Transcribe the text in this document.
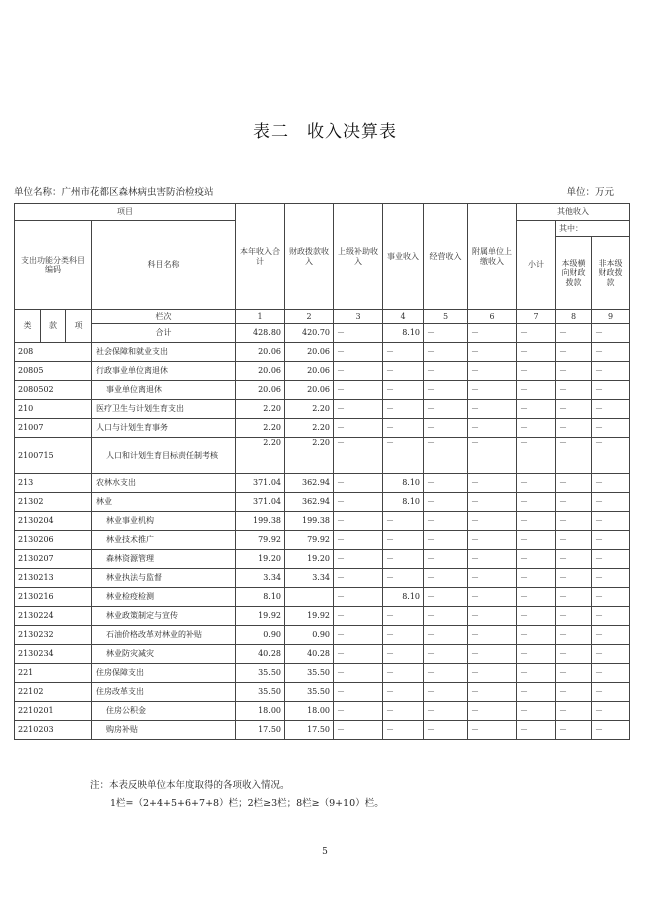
表二　收入决算表
单位名称：广州市花都区森林病虫害防治检疫站	单位：万元
项目				本年收入合计	财政拨款收入	上级补助收入	事业收入	经营收入	附属单位上缴收入	其他收入		
支出功能分类科目编码			科目名称							小计	其中：	
											本级横向财政拨款	非本级财政拨款
类	款	项	栏次	1	2	3	4	5	6	7	8	9
			合计	428.80	420.70	－	8.10	－	－	－	－	－
208			社会保障和就业支出	20.06	20.06	－	－	－	－	－	－	－
20805			行政事业单位离退休	20.06	20.06	－	－	－	－	－	－	－
2080502			事业单位离退休	20.06	20.06	－	－	－	－	－	－	－
210			医疗卫生与计划生育支出	2.20	2.20	－	－	－	－	－	－	－
21007			人口与计划生育事务	2.20	2.20	－	－	－	－	－	－	－
2100715			人口和计划生育目标责任制考核	2.20	2.20	－	－	－	－	－	－	－
213			农林水支出	371.04	362.94	－	8.10	－	－	－	－	－
21302			林业	371.04	362.94	－	8.10	－	－	－	－	－
2130204			林业事业机构	199.38	199.38	－	－	－	－	－	－	－
2130206			林业技术推广	79.92	79.92	－	－	－	－	－	－	－
2130207			森林资源管理	19.20	19.20	－	－	－	－	－	－	－
2130213			林业执法与监督	3.34	3.34	－	－	－	－	－	－	－
2130216			林业检疫检测	8.10		－	8.10	－	－	－	－	－
2130224			林业政策制定与宣传	19.92	19.92	－	－	－	－	－	－	－
2130232			石油价格改革对林业的补贴	0.90	0.90	－	－	－	－	－	－	－
2130234			林业防灾减灾	40.28	40.28	－	－	－	－	－	－	－
221			住房保障支出	35.50	35.50	－	－	－	－	－	－	－
22102			住房改革支出	35.50	35.50	－	－	－	－	－	－	－
2210201			住房公积金	18.00	18.00	－	－	－	－	－	－	－
2210203			购房补贴	17.50	17.50	－	－	－	－	－	－	－
注：本表反映单位本年度取得的各项收入情况。
1栏=（2+4+5+6+7+8）栏；2栏≥3栏；8栏≥（9+10）栏。
5
